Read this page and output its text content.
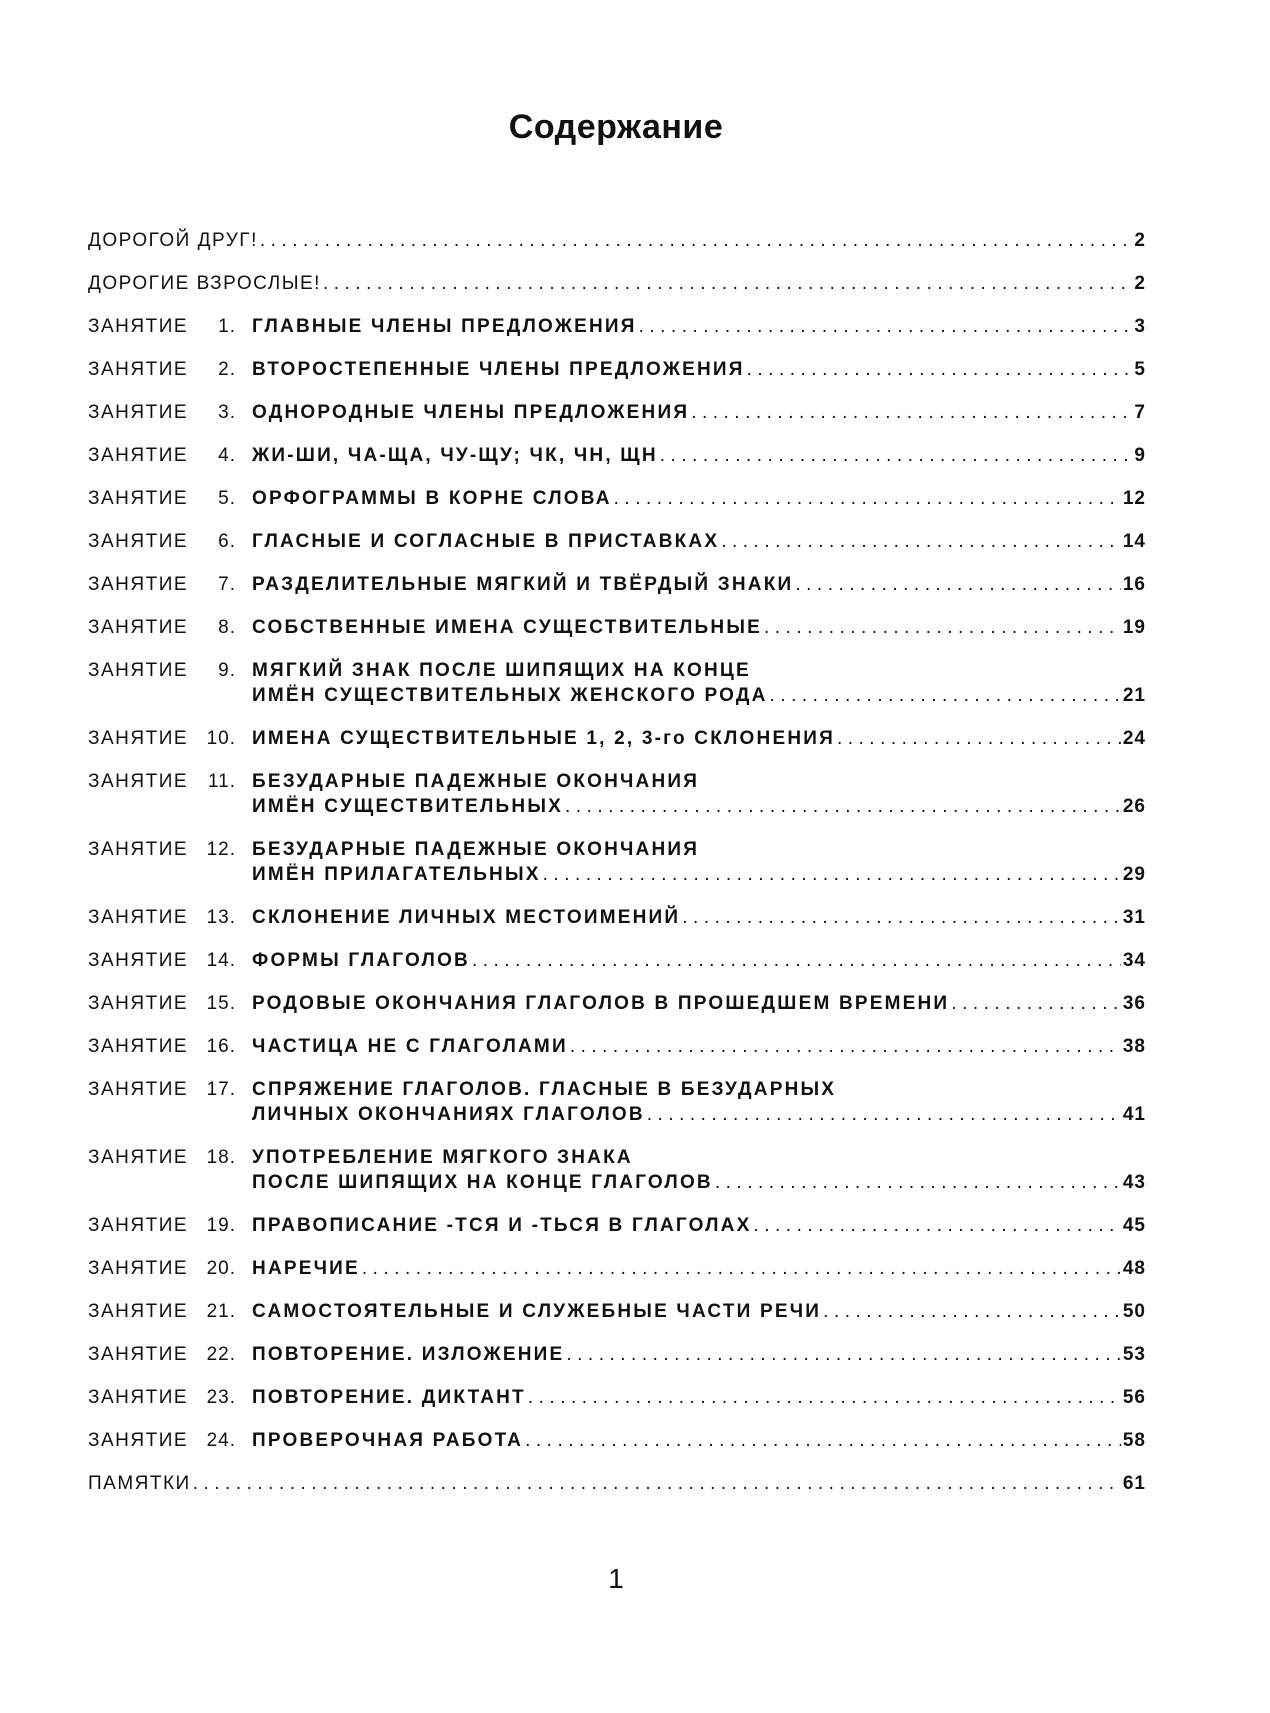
Содержание
ДОРОГОЙ ДРУГ! .....	2
ДОРОГИЕ ВЗРОСЛЫЕ! .....	2
ЗАНЯТИЕ	1. ГЛАВНЫЕ ЧЛЕНЫ ПРЕДЛОЖЕНИЯ .....	3
ЗАНЯТИЕ	2. ВТОРОСТЕПЕННЫЕ ЧЛЕНЫ ПРЕДЛОЖЕНИЯ .....	5
ЗАНЯТИЕ	3. ОДНОРОДНЫЕ ЧЛЕНЫ ПРЕДЛОЖЕНИЯ .....	7
ЗАНЯТИЕ	4. ЖИ-ШИ, ЧА-ЩА, ЧУ-ЩУ; ЧК, ЧН, ЩН .....	9
ЗАНЯТИЕ	5. ОРФОГРАММЫ В КОРНЕ СЛОВА .....	12
ЗАНЯТИЕ	6. ГЛАСНЫЕ И СОГЛАСНЫЕ В ПРИСТАВКАХ .....	14
ЗАНЯТИЕ	7. РАЗДЕЛИТЕЛЬНЫЕ МЯГКИЙ И ТВЁРДЫЙ ЗНАКИ .....	16
ЗАНЯТИЕ	8. СОБСТВЕННЫЕ ИМЕНА СУЩЕСТВИТЕЛЬНЫЕ .....	19
ЗАНЯТИЕ	9. МЯГКИЙ ЗНАК ПОСЛЕ ШИПЯЩИХ НА КОНЦЕ
ИМЁН СУЩЕСТВИТЕЛЬНЫХ ЖЕНСКОГО РОДА .....	21
ЗАНЯТИЕ 10. ИМЕНА СУЩЕСТВИТЕЛЬНЫЕ 1, 2, 3-го СКЛОНЕНИЯ .....	24
ЗАНЯТИЕ	11. БЕЗУДАРНЫЕ ПАДЕЖНЫЕ ОКОНЧАНИЯ
ИМЁН СУЩЕСТВИТЕЛЬНЫХ .....	26
ЗАНЯТИЕ 12. БЕЗУДАРНЫЕ ПАДЕЖНЫЕ ОКОНЧАНИЯ
ИМЁН ПРИЛАГАТЕЛЬНЫХ .....	29
ЗАНЯТИЕ 13. СКЛОНЕНИЕ ЛИЧНЫХ МЕСТОИМЕНИЙ .....	31
ЗАНЯТИЕ 14. ФОРМЫ ГЛАГОЛОВ .....	34
ЗАНЯТИЕ 15. РОДОВЫЕ ОКОНЧАНИЯ ГЛАГОЛОВ В ПРОШЕДШЕМ ВРЕМЕНИ .....	36
ЗАНЯТИЕ 16. ЧАСТИЦА НЕ С ГЛАГОЛАМИ .....	38
ЗАНЯТИЕ 17. СПРЯЖЕНИЕ ГЛАГОЛОВ. ГЛАСНЫЕ В БЕЗУДАРНЫХ
ЛИЧНЫХ ОКОНЧАНИЯХ ГЛАГОЛОВ .....	41
ЗАНЯТИЕ 18. УПОТРЕБЛЕНИЕ МЯГКОГО ЗНАКА
ПОСЛЕ ШИПЯЩИХ НА КОНЦЕ ГЛАГОЛОВ .....	43
ЗАНЯТИЕ 19. ПРАВОПИСАНИЕ -ТСЯ И -ТЬСЯ В ГЛАГОЛАХ .....	45
ЗАНЯТИЕ 20. НАРЕЧИЕ .....	48
ЗАНЯТИЕ 21. САМОСТОЯТЕЛЬНЫЕ И СЛУЖЕБНЫЕ ЧАСТИ РЕЧИ .....	50
ЗАНЯТИЕ 22. ПОВТОРЕНИЕ. ИЗЛОЖЕНИЕ .....	53
ЗАНЯТИЕ 23. ПОВТОРЕНИЕ. ДИКТАНТ .....	56
ЗАНЯТИЕ 24. ПРОВЕРОЧНАЯ РАБОТА .....	58
ПАМЯТКИ .....	61
1
